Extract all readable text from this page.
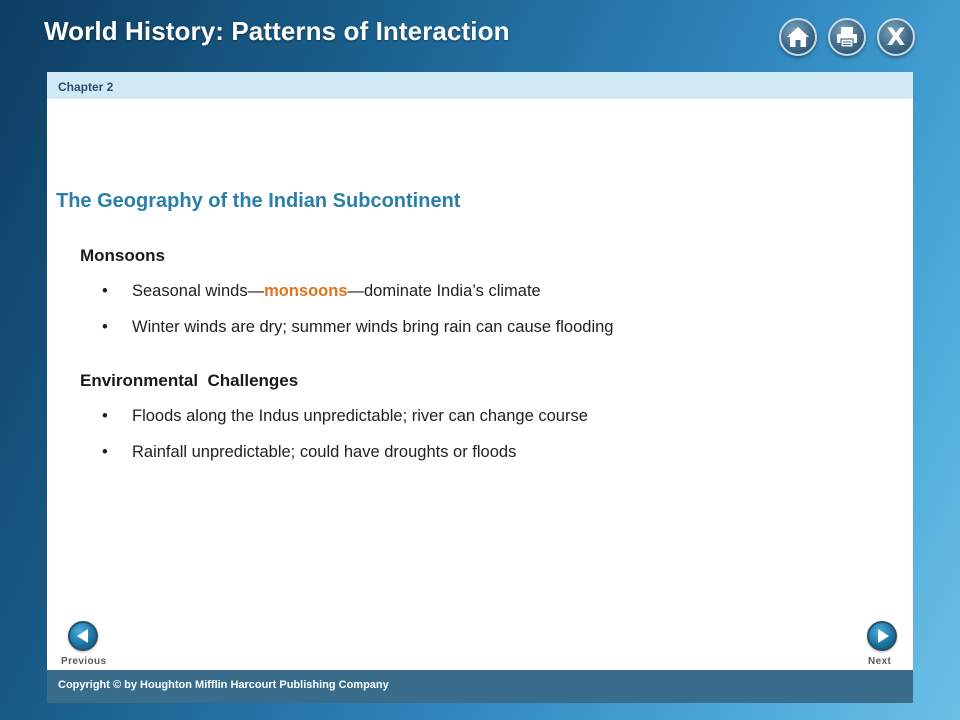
World History: Patterns of Interaction	X
Chapter 2
The Geography of the Indian Subcontinent
Monsoons
• Seasonal winds—monsoons—dominate India’s climate
• Winter winds are dry; summer winds bring rain can cause flooding
Environmental  Challenges
• Floods along the Indus unpredictable; river can change course
• Rainfall unpredictable; could have droughts or floods
Previous	Next
Copyright © by Houghton Mifflin Harcourt Publishing Company
